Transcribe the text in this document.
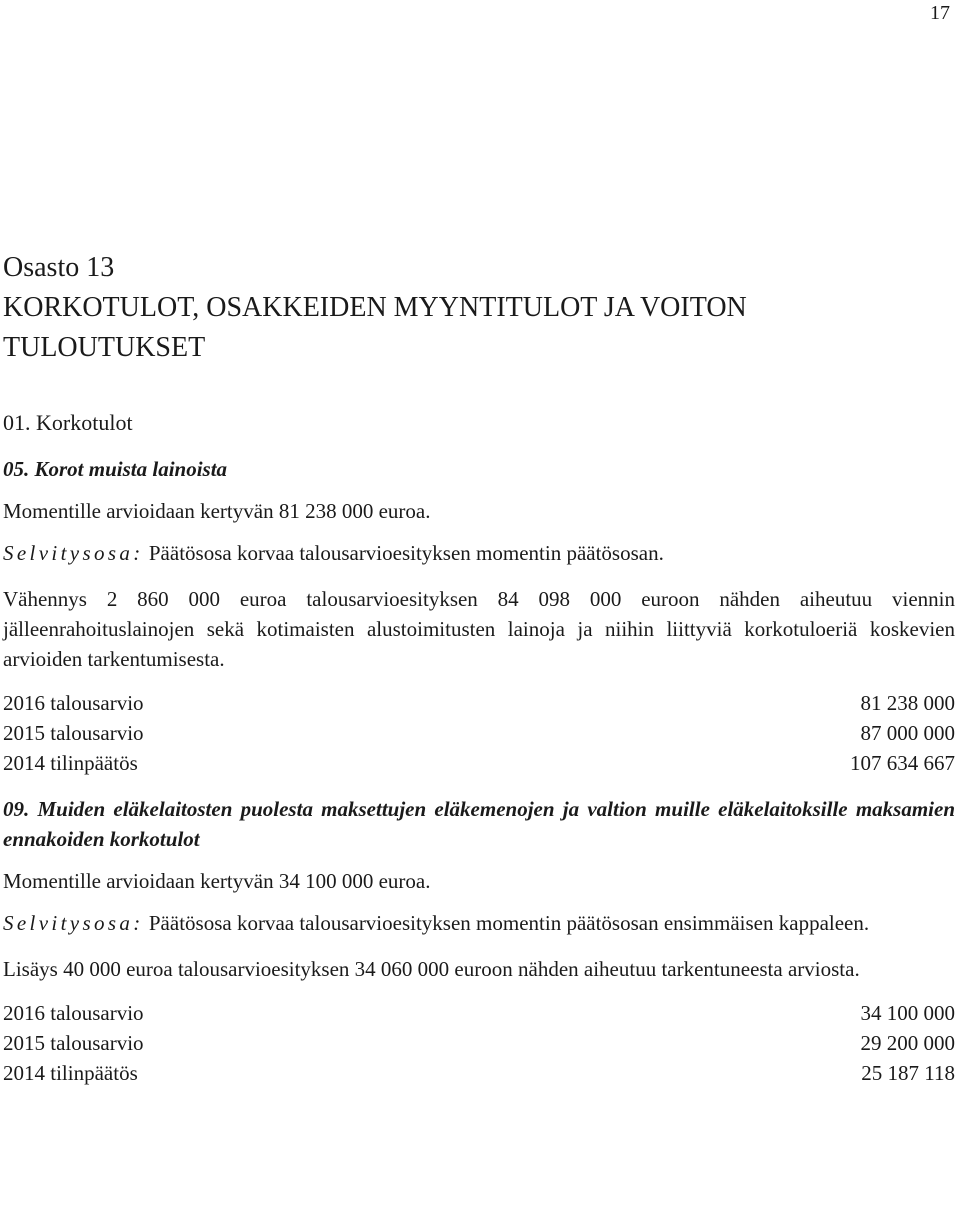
17
Osasto 13
KORKOTULOT, OSAKKEIDEN MYYNTITULOT JA VOITON
TULOUTUKSET
01. Korkotulot
05. Korot muista lainoista

Momentille arvioidaan kertyvän 81 238 000 euroa.

Selvitysosa: Päätösosa korvaa talousarvioesityksen momentin päätösosan.

Vähennys 2 860 000 euroa talousarvioesityksen 84 098 000 euroon nähden aiheutuu viennin jälleenrahoituslainojen sekä kotimaisten alustoimitusten lainoja ja niihin liittyviä korkotuloeriä koskevien arvioiden tarkentumisesta.

2016 talousarvio	81 238 000
2015 talousarvio	87 000 000
2014 tilinpäätös	107 634 667
09. Muiden eläkelaitosten puolesta maksettujen eläkemenojen ja valtion muille eläkelaitoksille maksamien ennakoiden korkotulot

Momentille arvioidaan kertyvän 34 100 000 euroa.

Selvitysosa: Päätösosa korvaa talousarvioesityksen momentin päätösosan ensimmäisen kappaleen.

Lisäys 40 000 euroa talousarvioesityksen 34 060 000 euroon nähden aiheutuu tarkentuneesta arviosta.

2016 talousarvio	34 100 000
2015 talousarvio	29 200 000
2014 tilinpäätös	25 187 118
